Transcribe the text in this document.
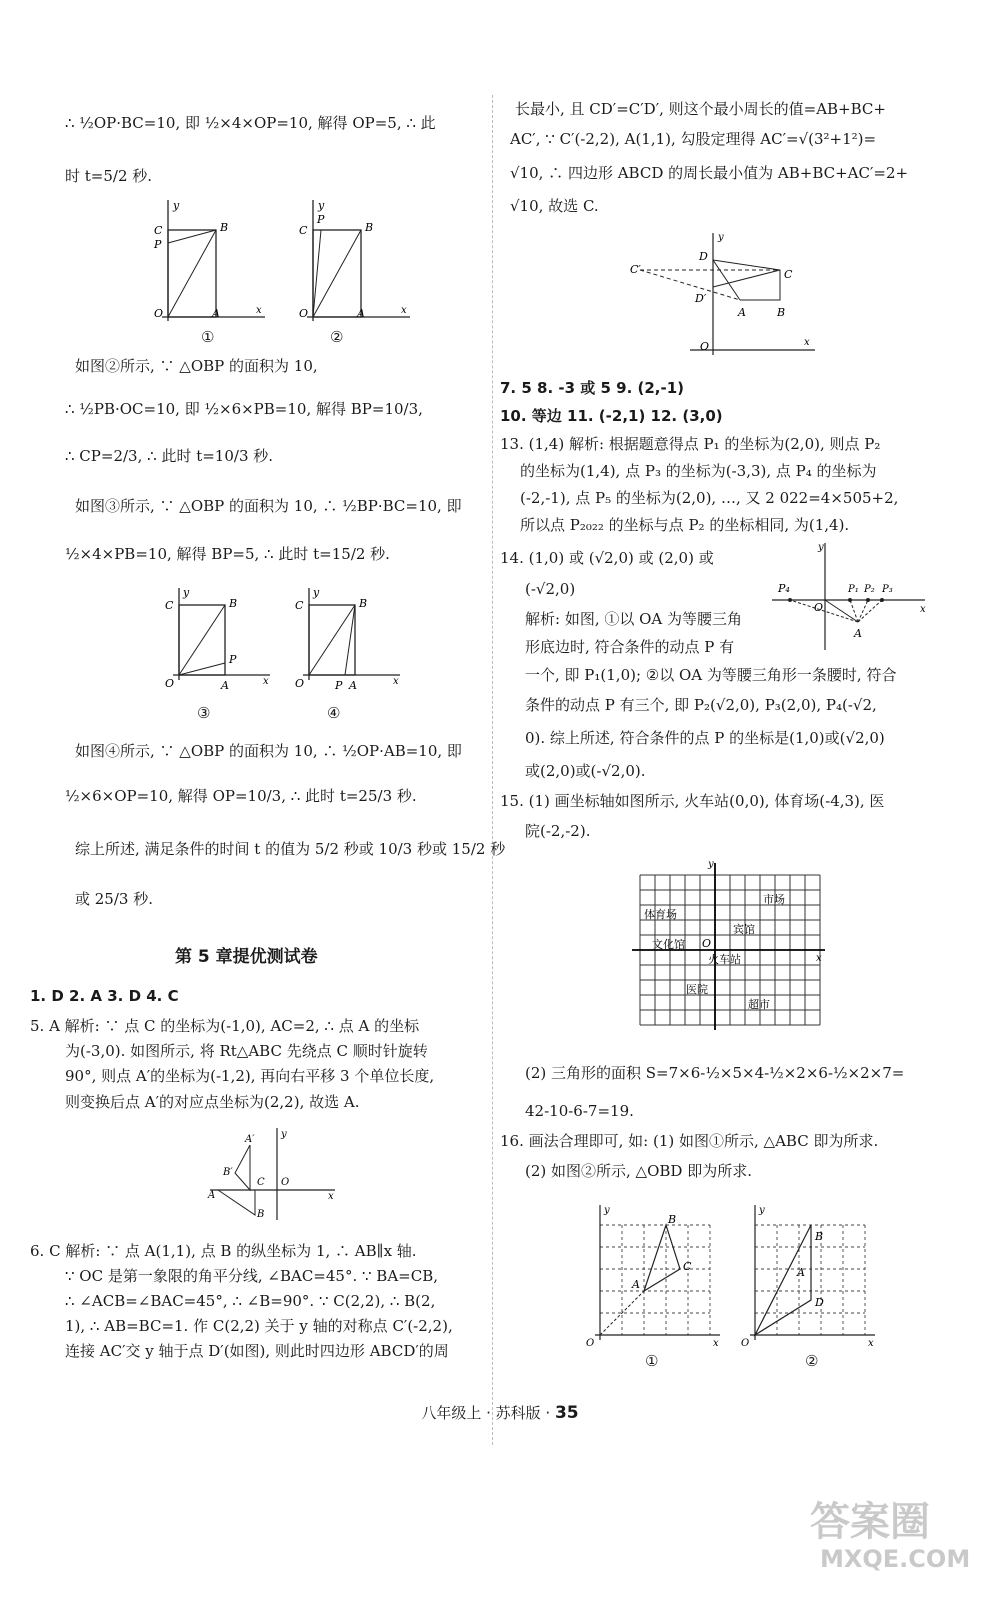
∴ ½OP·BC=10, 即 ½×4×OP=10, 解得 OP=5, ∴ 此
时 t=5/2 秒.
y
C
P
B
O	A	x
①
y
C
P
B
O	A	x
②
如图②所示, ∵ △OBP 的面积为 10,
∴ ½PB·OC=10, 即 ½×6×PB=10, 解得 BP=10/3,
∴ CP=2/3, ∴ 此时 t=10/3 秒.
如图③所示, ∵ △OBP 的面积为 10, ∴ ½BP·BC=10, 即
½×4×PB=10, 解得 BP=5, ∴ 此时 t=15/2 秒.
y
C	B
P
O	A	x
③
y
C	B
O	P A	x
④
如图④所示, ∵ △OBP 的面积为 10, ∴ ½OP·AB=10, 即
½×6×OP=10, 解得 OP=10/3, ∴ 此时 t=25/3 秒.
综上所述, 满足条件的时间 t 的值为 5/2 秒或 10/3 秒或 15/2 秒
或 25/3 秒.
第 5 章提优测试卷
1. D 2. A 3. D 4. C
5. A 解析: ∵ 点 C 的坐标为(-1,0), AC=2, ∴ 点 A 的坐标
为(-3,0). 如图所示, 将 Rt△ABC 先绕点 C 顺时针旋转
90°, 则点 A′的坐标为(-1,2), 再向右平移 3 个单位长度,
则变换后点 A′的对应点坐标为(2,2), 故选 A.
y
A′
B′
C O
A
B
x
6. C 解析: ∵ 点 A(1,1), 点 B 的纵坐标为 1, ∴ AB∥x 轴.
∵ OC 是第一象限的角平分线, ∠BAC=45°. ∵ BA=CB,
∴ ∠ACB=∠BAC=45°, ∴ ∠B=90°. ∵ C(2,2), ∴ B(2,
1), ∴ AB=BC=1. 作 C(2,2) 关于 y 轴的对称点 C′(-2,2),
连接 AC′交 y 轴于点 D′(如图), 则此时四边形 ABCD′的周
长最小, 且 CD′=C′D′, 则这个最小周长的值=AB+BC+
AC′, ∵ C′(-2,2), A(1,1), 勾股定理得 AC′=√(3²+1²)=
√10, ∴ 四边形 ABCD 的周长最小值为 AB+BC+AC′=2+
√10, 故选 C.
y
C′
D
D′
C
A	B
O	x
7. 5 8. -3 或 5 9. (2,-1)
10. 等边 11. (-2,1) 12. (3,0)
13. (1,4) 解析: 根据题意得点 P₁ 的坐标为(2,0), 则点 P₂
的坐标为(1,4), 点 P₃ 的坐标为(-3,3), 点 P₄ 的坐标为
(-2,-1), 点 P₅ 的坐标为(2,0), …, 又 2 022=4×505+2,
所以点 P₂₀₂₂ 的坐标与点 P₂ 的坐标相同, 为(1,4).
14. (1,0) 或 (√2,0) 或 (2,0) 或
(-√2,0)
y
P₄	P₁ P₂ P₃
O
A
x
解析: 如图, ①以 OA 为等腰三角
形底边时, 符合条件的动点 P 有
一个, 即 P₁(1,0); ②以 OA 为等腰三角形一条腰时, 符合
条件的动点 P 有三个, 即 P₂(√2,0), P₃(2,0), P₄(-√2,
0). 综上所述, 符合条件的点 P 的坐标是(1,0)或(√2,0)
或(2,0)或(-√2,0).
15. (1) 画坐标轴如图所示, 火车站(0,0), 体育场(-4,3), 医
院(-2,-2).
y
O
x
体育场
市场
宾馆
文化馆
火车站
医院
超市
(2) 三角形的面积 S=7×6-½×5×4-½×2×6-½×2×7=
42-10-6-7=19.
16. 画法合理即可, 如: (1) 如图①所示, △ABC 即为所求.
(2) 如图②所示, △OBD 即为所求.
y
A
B
C
O	x
①
y
A
B
D
O	x
②
八年级上 · 苏科版 · 35
答案圈
MXQE.COM
